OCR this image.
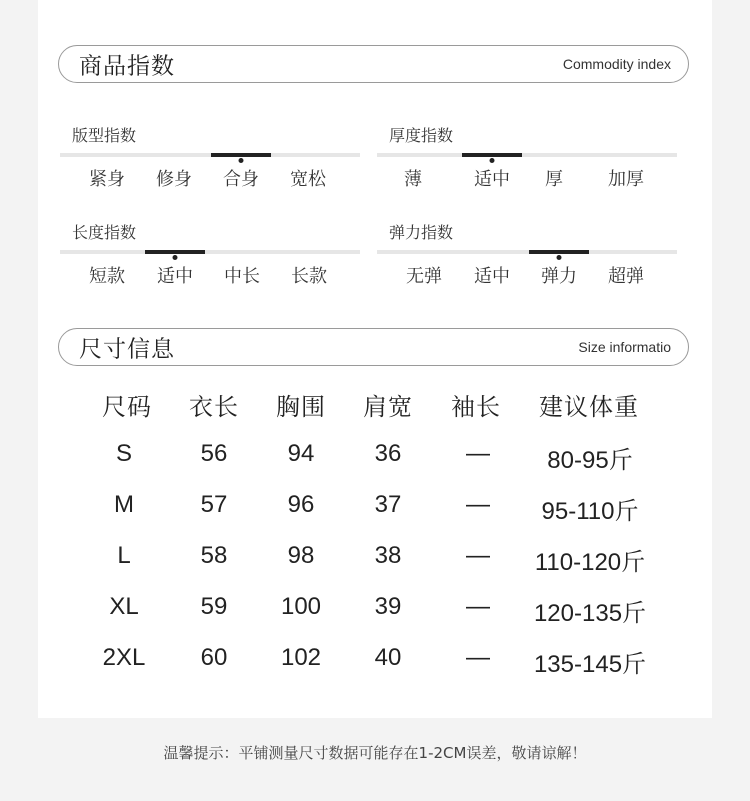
商品指数	Commodity index
版型指数
紧身	修身	合身	宽松
厚度指数
薄	适中	厚	加厚
长度指数
短款	适中	中长	长款
弹力指数
无弹	适中	弹力	超弹
尺寸信息	Size informatio
尺码 衣长 胸围 肩宽 袖长 建议体重
S	56	94	36	— 80-95斤
M	57	96	37	— 95-110斤
L	58	98	38	— 110-120斤
XL	59 100 39	— 120-135斤
2XL 60 102 40	— 135-145斤
温馨提示：平铺测量尺寸数据可能存在1-2CM误差，敬请谅解！
